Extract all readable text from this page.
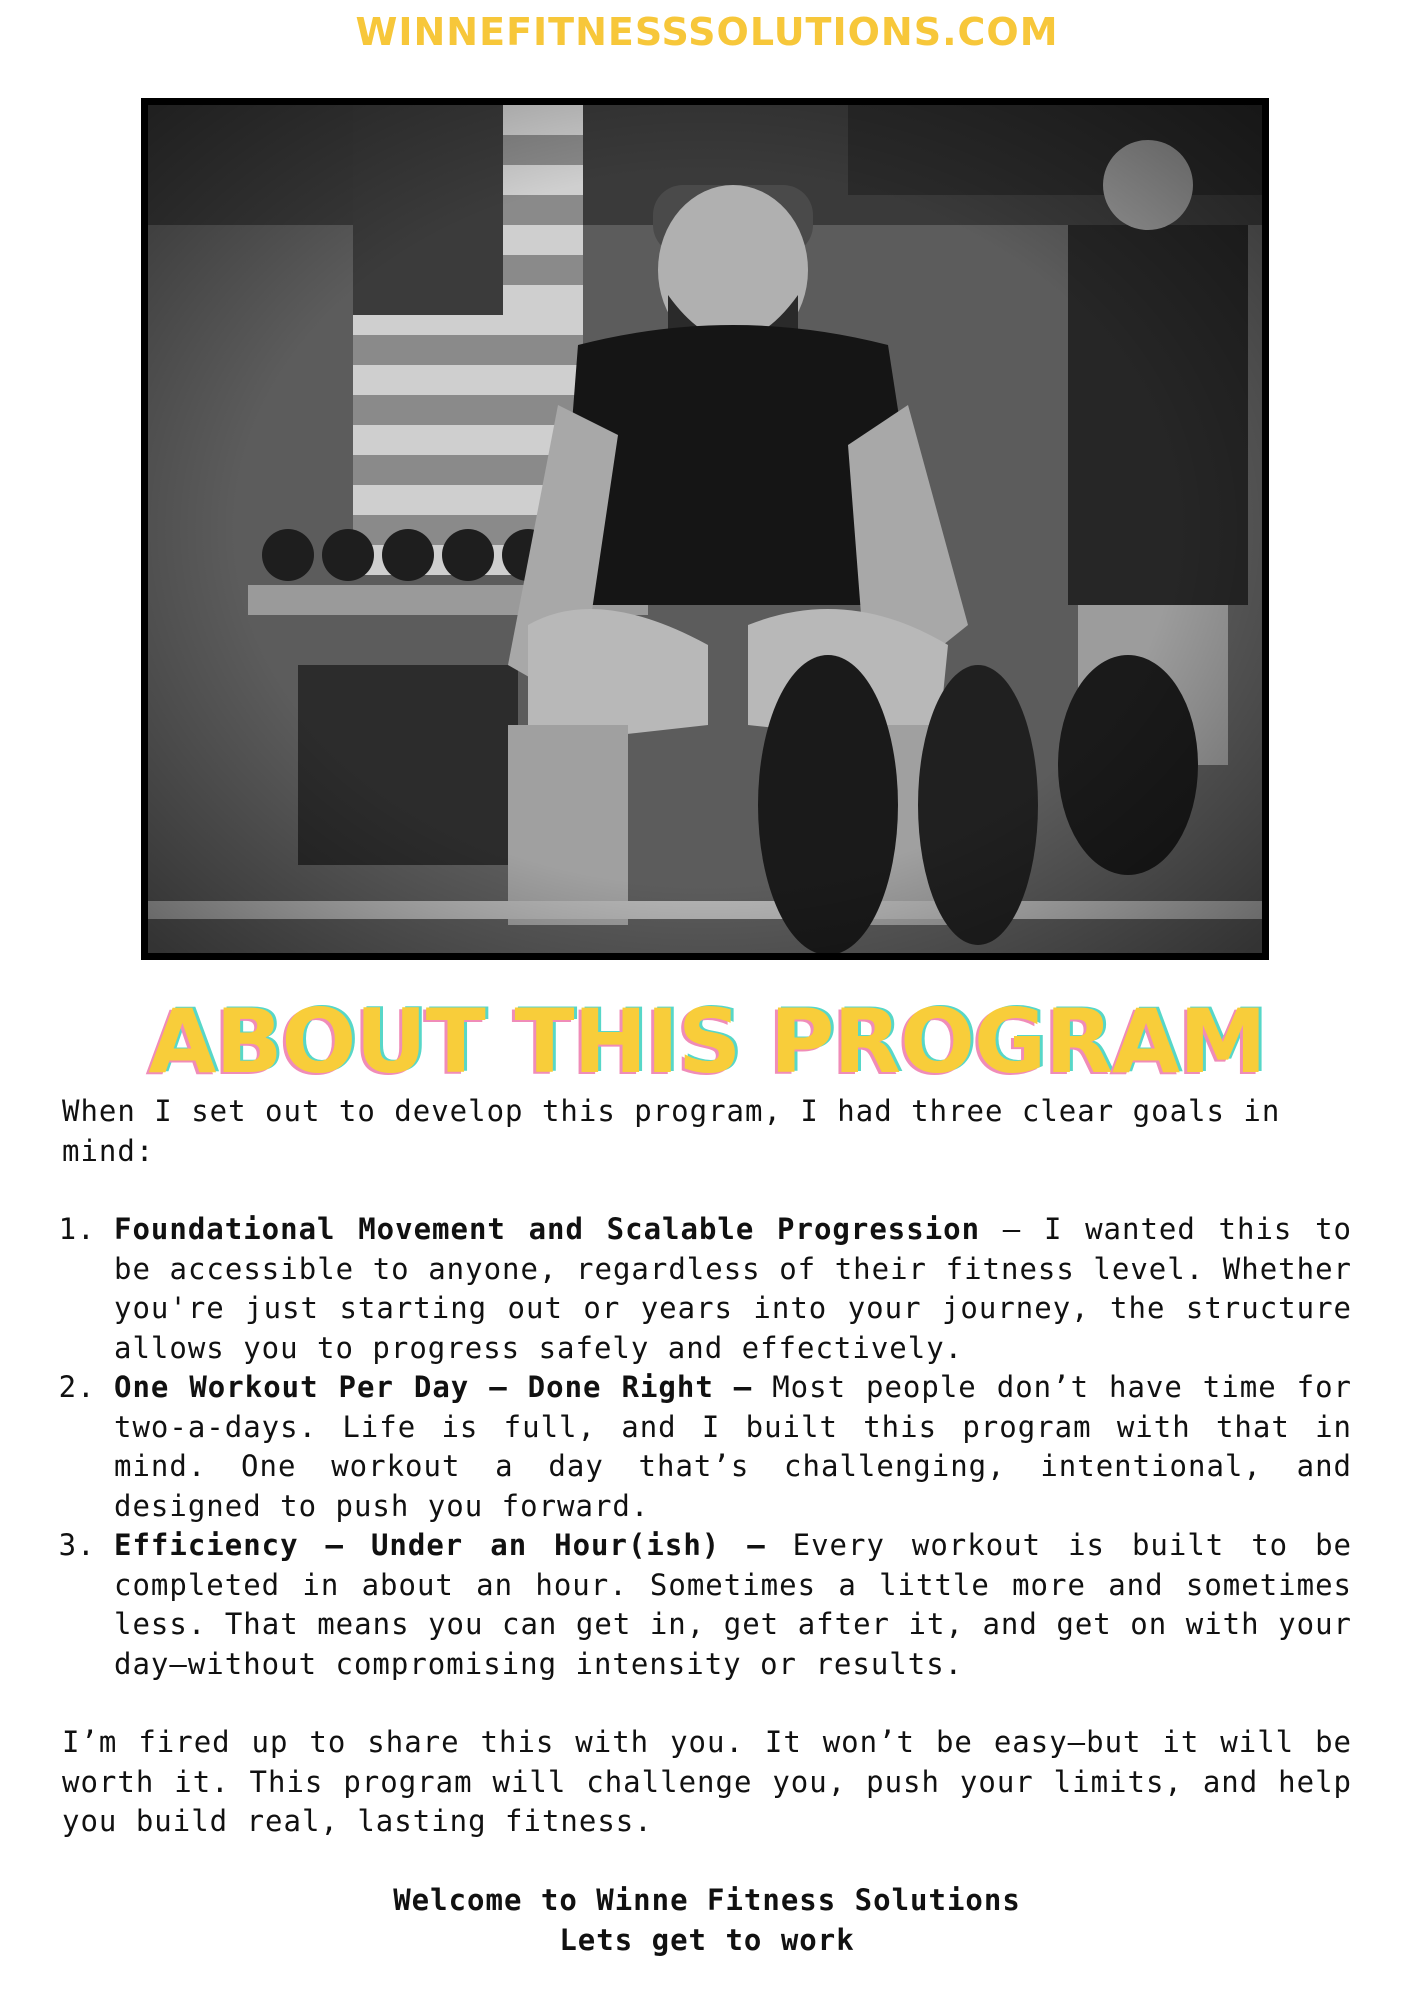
WINNEFITNESSSOLUTIONS.COM
ABOUT THIS PROGRAM

When I set out to develop this program, I had three clear goals in mind:

1. Foundational Movement and Scalable Progression – I wanted this to be accessible to anyone, regardless of their fitness level. Whether you're just starting out or years into your journey, the structure allows you to progress safely and effectively.
2. One Workout Per Day – Done Right – Most people don’t have time for two-a-days. Life is full, and I built this program with that in mind. One workout a day that’s challenging, intentional, and designed to push you forward.
3. Efficiency – Under an Hour(ish) – Every workout is built to be completed in about an hour. Sometimes a little more and sometimes less. That means you can get in, get after it, and get on with your day—without compromising intensity or results.

I’m fired up to share this with you. It won’t be easy—but it will be worth it. This program will challenge you, push your limits, and help you build real, lasting fitness.

Welcome to Winne Fitness Solutions
Lets get to work
